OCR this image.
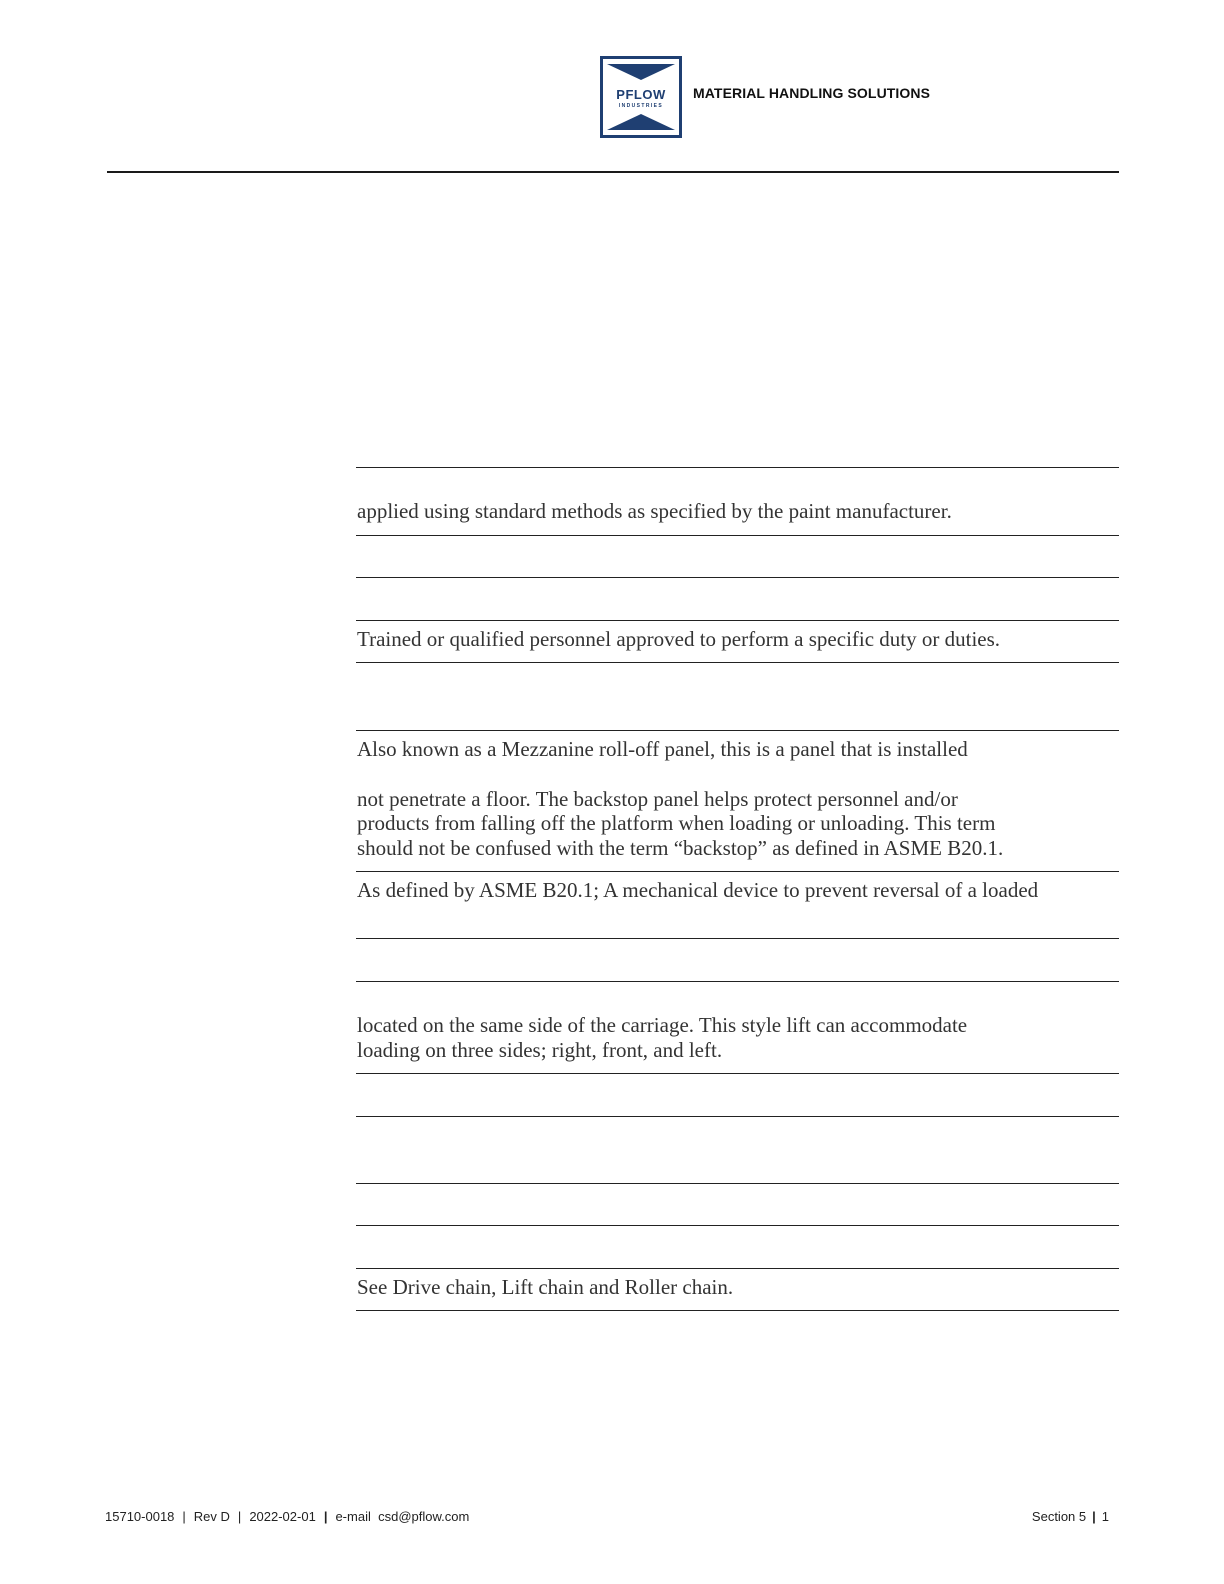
PFLOW
INDUSTRIES
MATERIAL HANDLING SOLUTIONS
applied using standard methods as specified by the paint manufacturer.
Trained or qualified personnel approved to perform a specific duty or duties.
Also known as a Mezzanine roll-off panel, this is a panel that is installed
not penetrate a floor. The backstop panel helps protect personnel and/or
products from falling off the platform when loading or unloading. This term
should not be confused with the term “backstop” as defined in ASME B20.1.
As defined by ASME B20.1; A mechanical device to prevent reversal of a loaded
located on the same side of the carriage. This style lift can accommodate
loading on three sides; right, front, and left.
See Drive chain, Lift chain and Roller chain.
15710-0018 | Rev D | 2022-02-01 | e-mail csd@pflow.com	Section 5 | 1
